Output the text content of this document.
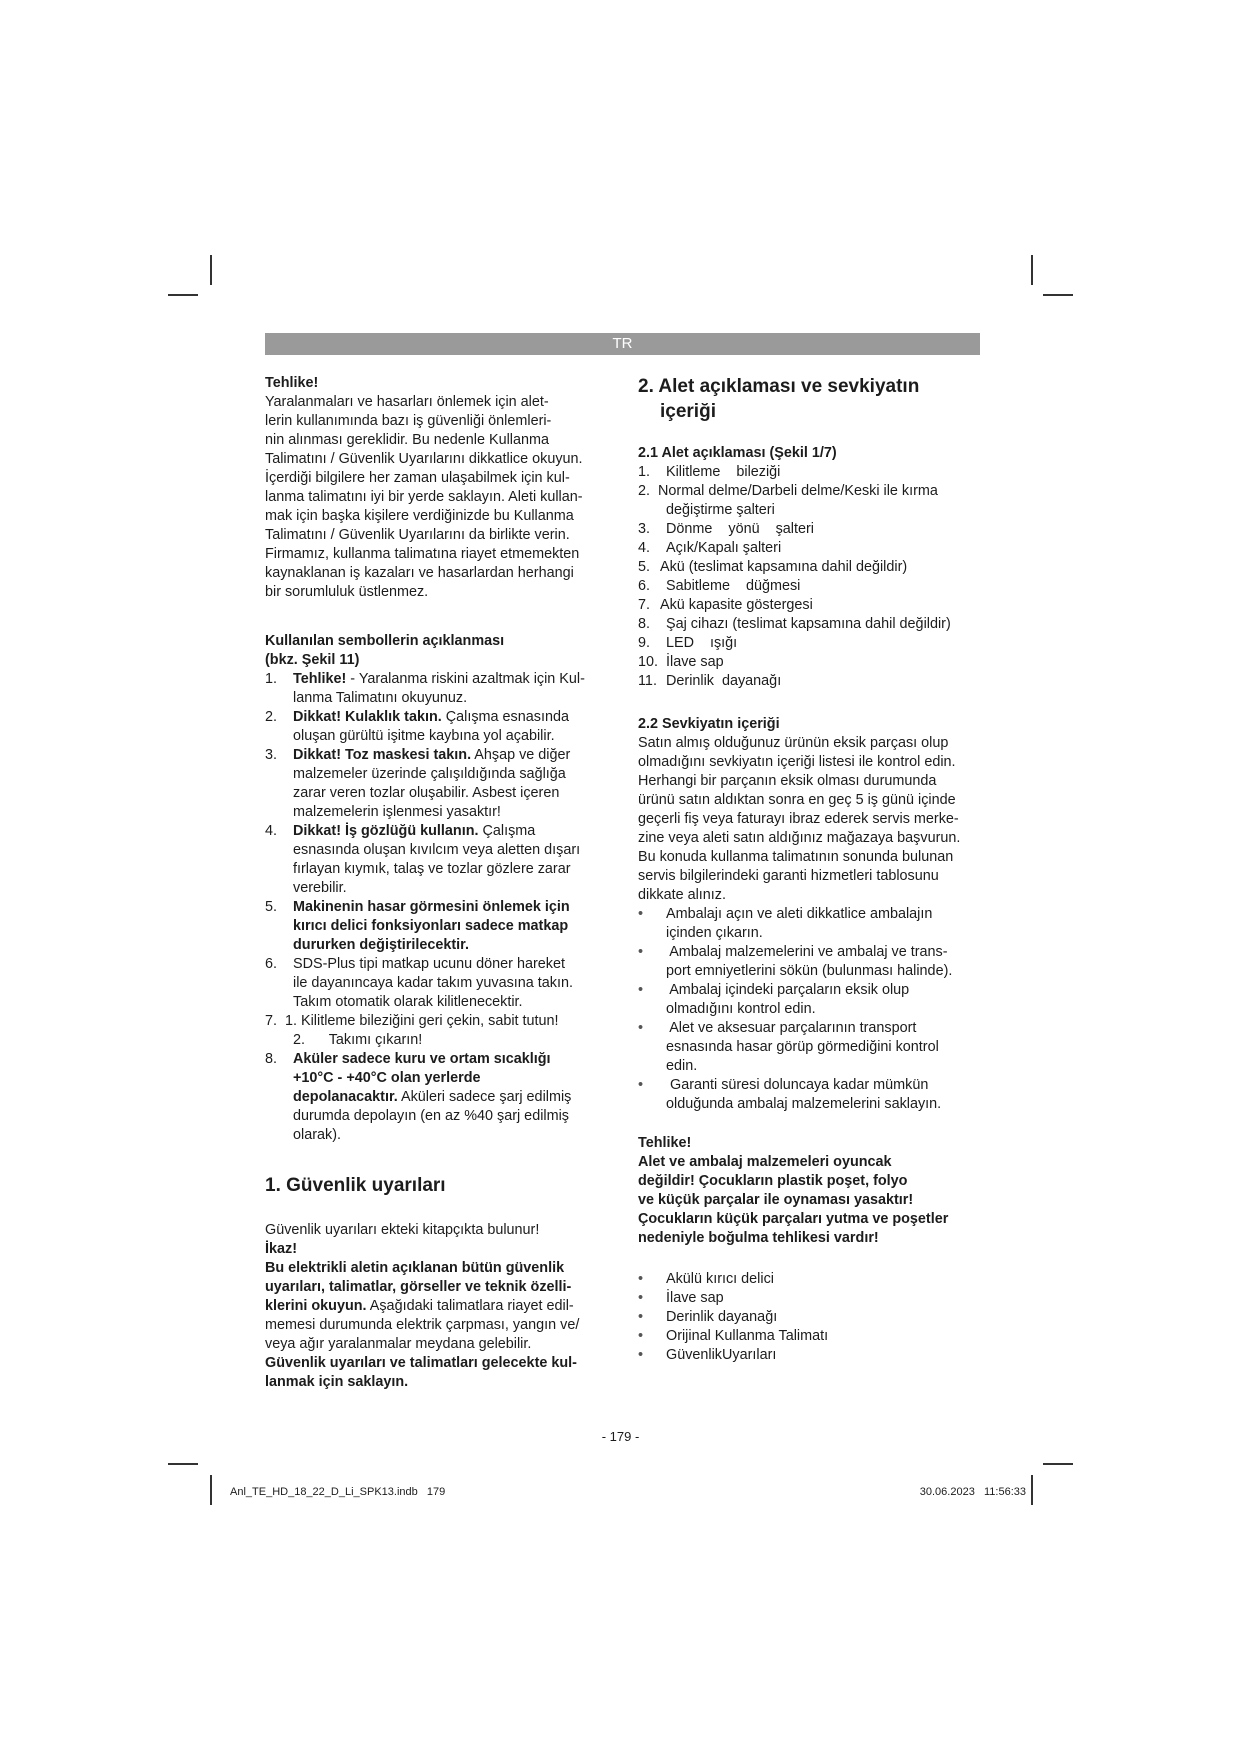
TR

Tehlike!

Yaralanmaları ve hasarları önlemek için alet-

lerin kullanımında bazı iş güvenliği önlemleri-

nin alınması gereklidir. Bu nedenle Kullanma

Talimatını / Güvenlik Uyarılarını dikkatlice okuyun.

İçerdiği bilgilere her zaman ulaşabilmek için kul-

lanma talimatını iyi bir yerde saklayın. Aleti kullan-

mak için başka kişilere verdiğinizde bu Kullanma

Talimatını / Güvenlik Uyarılarını da birlikte verin.

Firmamız, kullanma talimatına riayet etmemekten

kaynaklanan iş kazaları ve hasarlardan herhangi

bir sorumluluk üstlenmez.

Kullanılan sembollerin açıklanması

(bkz. Şekil 11)

1. Tehlike! - Yaralanma riskini azaltmak için Kul-

lanma Talimatını okuyunuz.

2. Dikkat! Kulaklık takın. Çalışma esnasında

oluşan gürültü işitme kaybına yol açabilir.

3. Dikkat! Toz maskesi takın. Ahşap ve diğer

malzemeler üzerinde çalışıldığında sağlığa

zarar veren tozlar oluşabilir. Asbest içeren

malzemelerin işlenmesi yasaktır!

4. Dikkat! İş gözlüğü kullanın. Çalışma

esnasında oluşan kıvılcım veya aletten dışarı

fırlayan kıymık, talaş ve tozlar gözlere zarar

verebilir.

5. Makinenin hasar görmesini önlemek için

kırıcı delici fonksiyonları sadece matkap

dururken değiştirilecektir.

6. SDS-Plus tipi matkap ucunu döner hareket

ile dayanıncaya kadar takım yuvasına takın.

Takım otomatik olarak kilitlenecektir.

7. 1. Kilitleme bileziğini geri çekin, sabit tutun!

2.      Takımı çıkarın!

8. Aküler sadece kuru ve ortam sıcaklığı

+10°C - +40°C olan yerlerde

depolanacaktır. Aküleri sadece şarj edilmiş

durumda depolayın (en az %40 şarj edilmiş

olarak).

1. Güvenlik uyarıları

Güvenlik uyarıları ekteki kitapçıkta bulunur!

İkaz!

Bu elektrikli aletin açıklanan bütün güvenlik

uyarıları, talimatlar, görseller ve teknik özelli-

klerini okuyun. Aşağıdaki talimatlara riayet edil-

memesi durumunda elektrik çarpması, yangın ve/

veya ağır yaralanmalar meydana gelebilir.

Güvenlik uyarıları ve talimatları gelecekte kul-

lanmak için saklayın.

2. Alet açıklaması ve sevkiyatın

içeriği

2.1 Alet açıklaması (Şekil 1/7)

1. Kilitleme    bileziği

2. Normal delme/Darbeli delme/Keski ile kırma

değiştirme şalteri

3. Dönme    yönü    şalteri

4. Açık/Kapalı şalteri

5. Akü (teslimat kapsamına dahil değildir)

6. Sabitleme    düğmesi

7. Akü kapasite göstergesi

8. Şaj cihazı (teslimat kapsamına dahil değildir)

9. LED    ışığı

10. İlave sap

11. Derinlik  dayanağı

2.2 Sevkiyatın içeriği

Satın almış olduğunuz ürünün eksik parçası olup

olmadığını sevkiyatın içeriği listesi ile kontrol edin.

Herhangi bir parçanın eksik olması durumunda

ürünü satın aldıktan sonra en geç 5 iş günü içinde

geçerli fiş veya faturayı ibraz ederek servis merke-

zine veya aleti satın aldığınız mağazaya başvurun.

Bu konuda kullanma talimatının sonunda bulunan

servis bilgilerindeki garanti hizmetleri tablosunu

dikkate alınız.

• Ambalajı açın ve aleti dikkatlice ambalajın

içinden çıkarın.

• Ambalaj malzemelerini ve ambalaj ve trans-

port emniyetlerini sökün (bulunması halinde).

• Ambalaj içindeki parçaların eksik olup

olmadığını kontrol edin.

• Alet ve aksesuar parçalarının transport

esnasında hasar görüp görmediğini kontrol

edin.

• Garanti süresi doluncaya kadar mümkün

olduğunda ambalaj malzemelerini saklayın.

Tehlike!

Alet ve ambalaj malzemeleri oyuncak

değildir! Çocukların plastik poşet, folyo

ve küçük parçalar ile oynaması yasaktır!

Çocukların küçük parçaları yutma ve poşetler

nedeniyle boğulma tehlikesi vardır!

• Akülü kırıcı delici

• İlave sap

• Derinlik dayanağı

• Orijinal Kullanma Talimatı

• GüvenlikUyarıları

- 179 -
Anl_TE_HD_18_22_D_Li_SPK13.indb   179	30.06.2023   11:56:33
